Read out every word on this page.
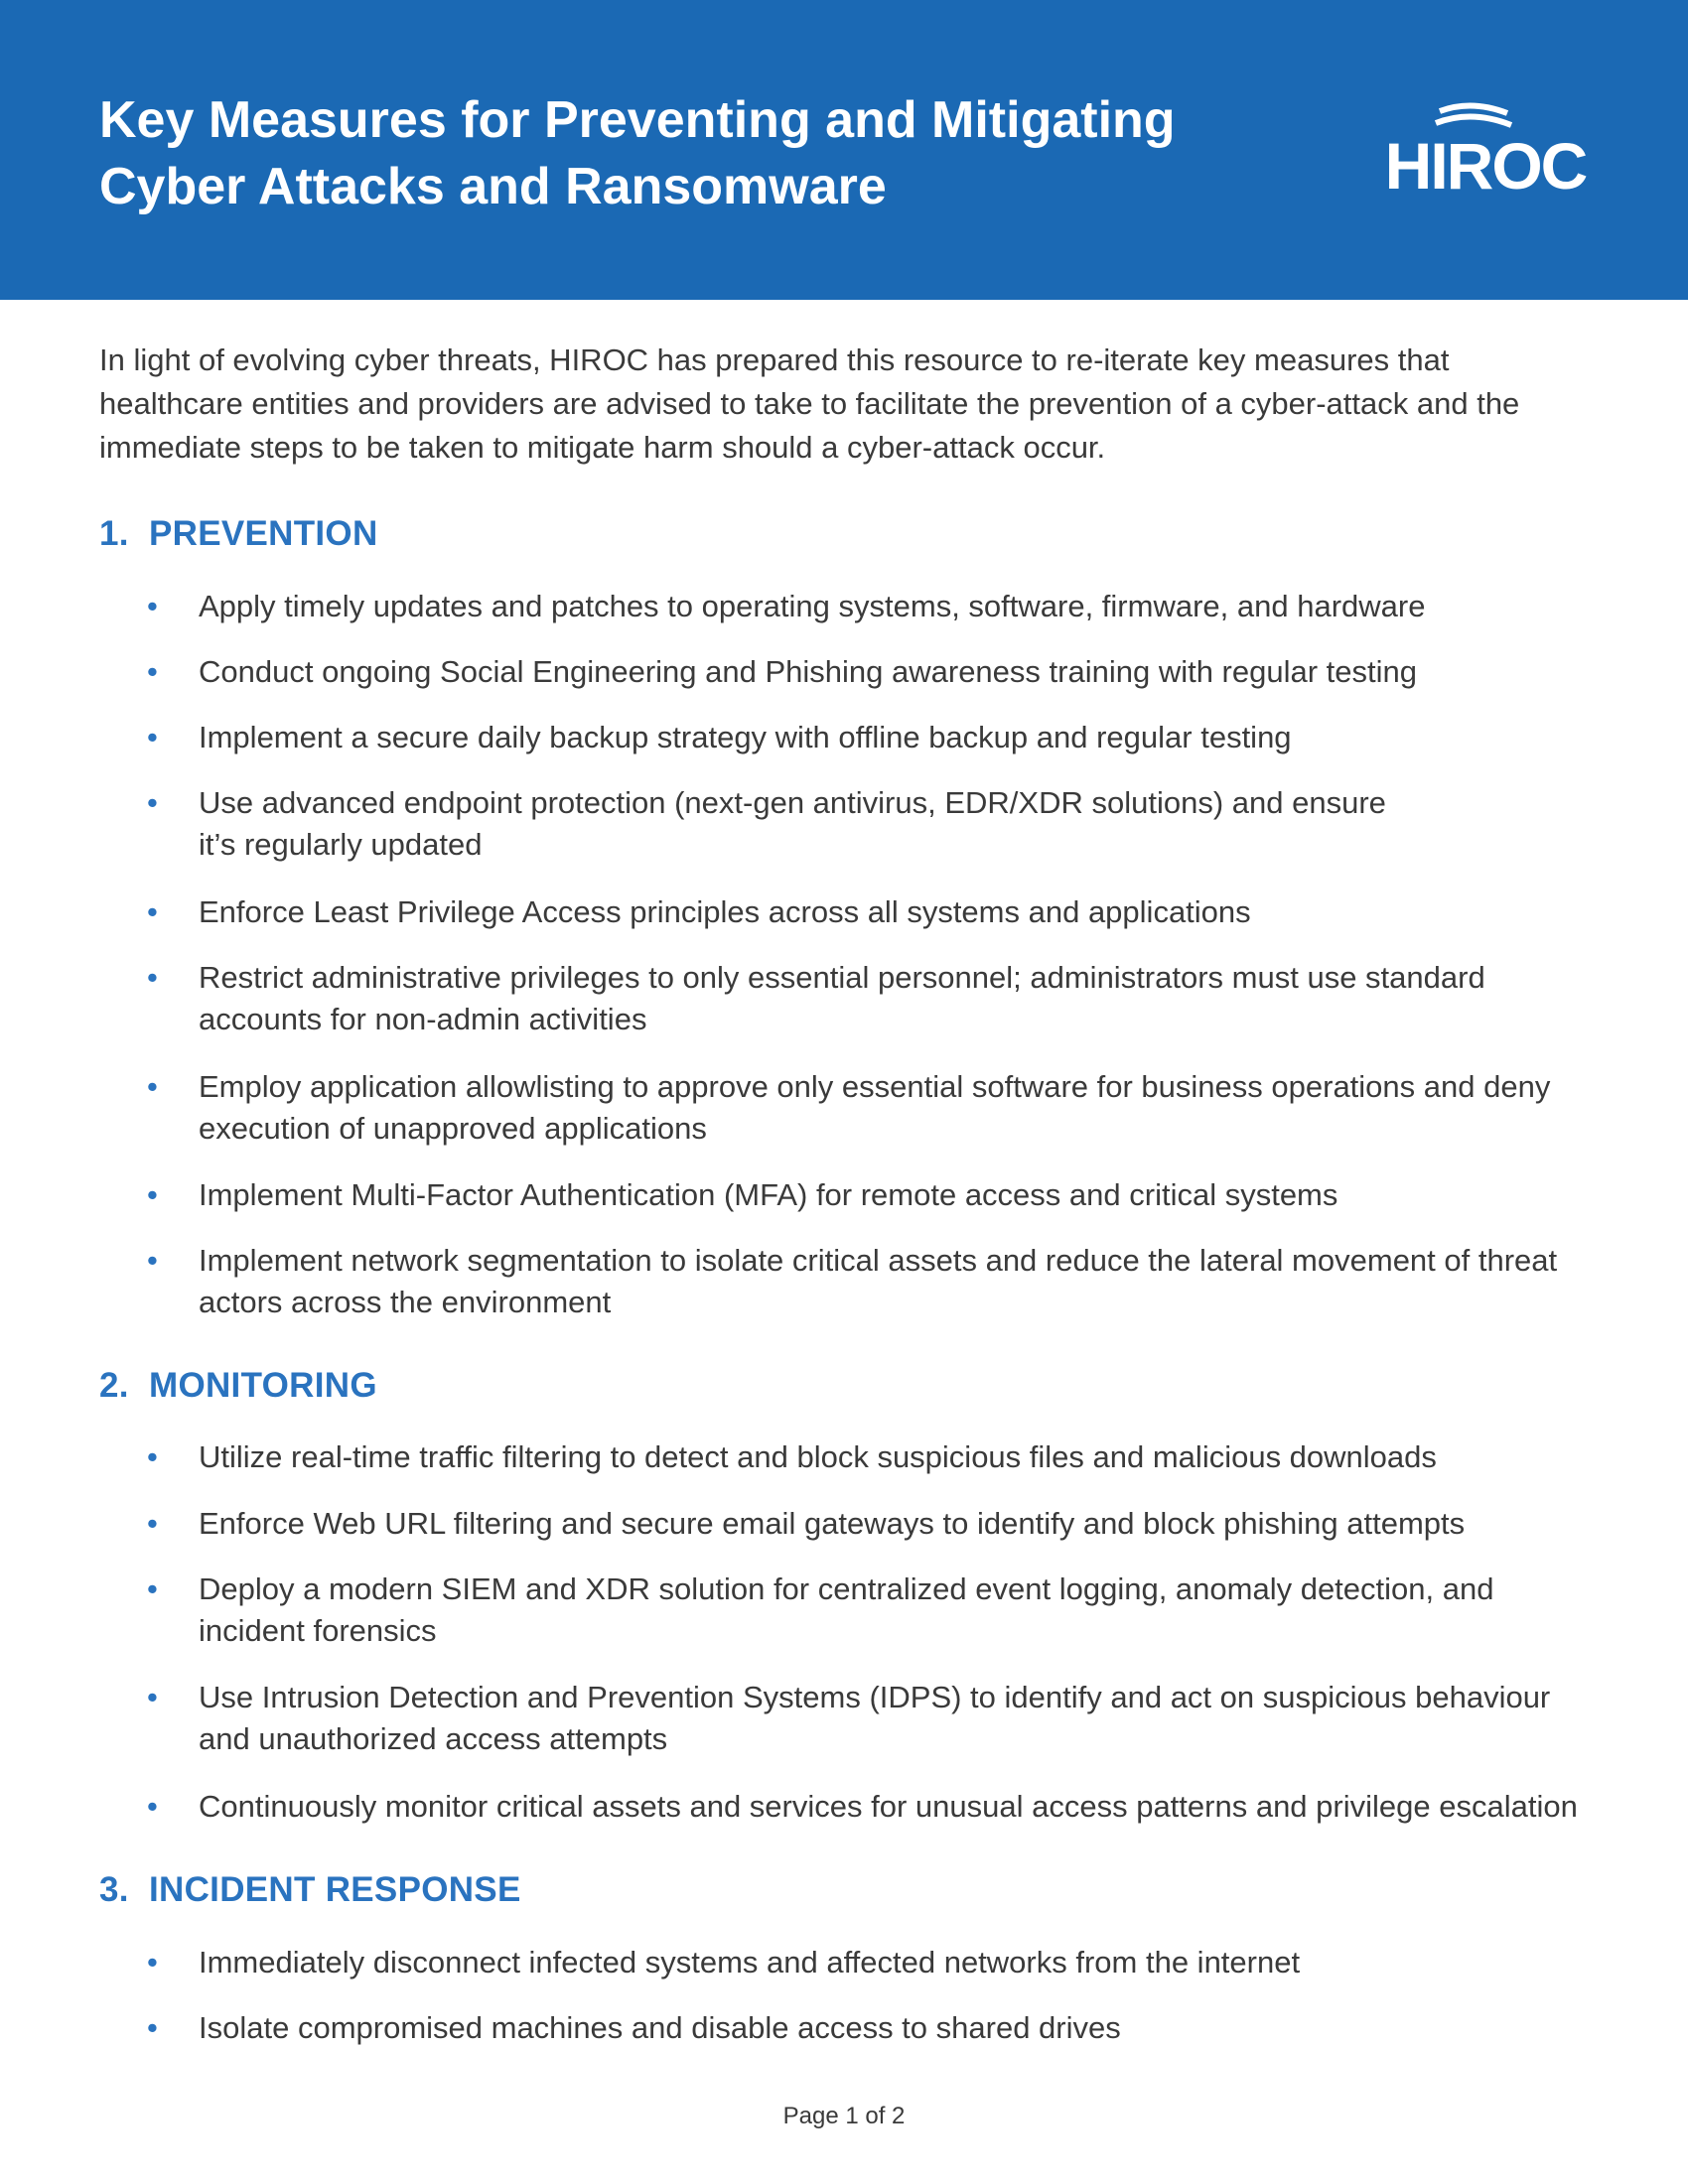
Key Measures for Preventing and Mitigating
Cyber Attacks and Ransomware	HIROC
In light of evolving cyber threats, HIROC has prepared this resource to re-iterate key measures that
healthcare entities and providers are advised to take to facilitate the prevention of a cyber-attack and the
immediate steps to be taken to mitigate harm should a cyber-attack occur.
1. PREVENTION
• Apply timely updates and patches to operating systems, software, firmware, and hardware
• Conduct ongoing Social Engineering and Phishing awareness training with regular testing
• Implement a secure daily backup strategy with offline backup and regular testing
• Use advanced endpoint protection (next-gen antivirus, EDR/XDR solutions) and ensure
it’s regularly updated
• Enforce Least Privilege Access principles across all systems and applications
• Restrict administrative privileges to only essential personnel; administrators must use standard
accounts for non-admin activities
• Employ application allowlisting to approve only essential software for business operations and deny
execution of unapproved applications
• Implement Multi-Factor Authentication (MFA) for remote access and critical systems
• Implement network segmentation to isolate critical assets and reduce the lateral movement of threat
actors across the environment
2. MONITORING
• Utilize real-time traffic filtering to detect and block suspicious files and malicious downloads
• Enforce Web URL filtering and secure email gateways to identify and block phishing attempts
• Deploy a modern SIEM and XDR solution for centralized event logging, anomaly detection, and
incident forensics
• Use Intrusion Detection and Prevention Systems (IDPS) to identify and act on suspicious behaviour
and unauthorized access attempts
• Continuously monitor critical assets and services for unusual access patterns and privilege escalation
3. INCIDENT RESPONSE
• Immediately disconnect infected systems and affected networks from the internet
• Isolate compromised machines and disable access to shared drives
Page 1 of 2
